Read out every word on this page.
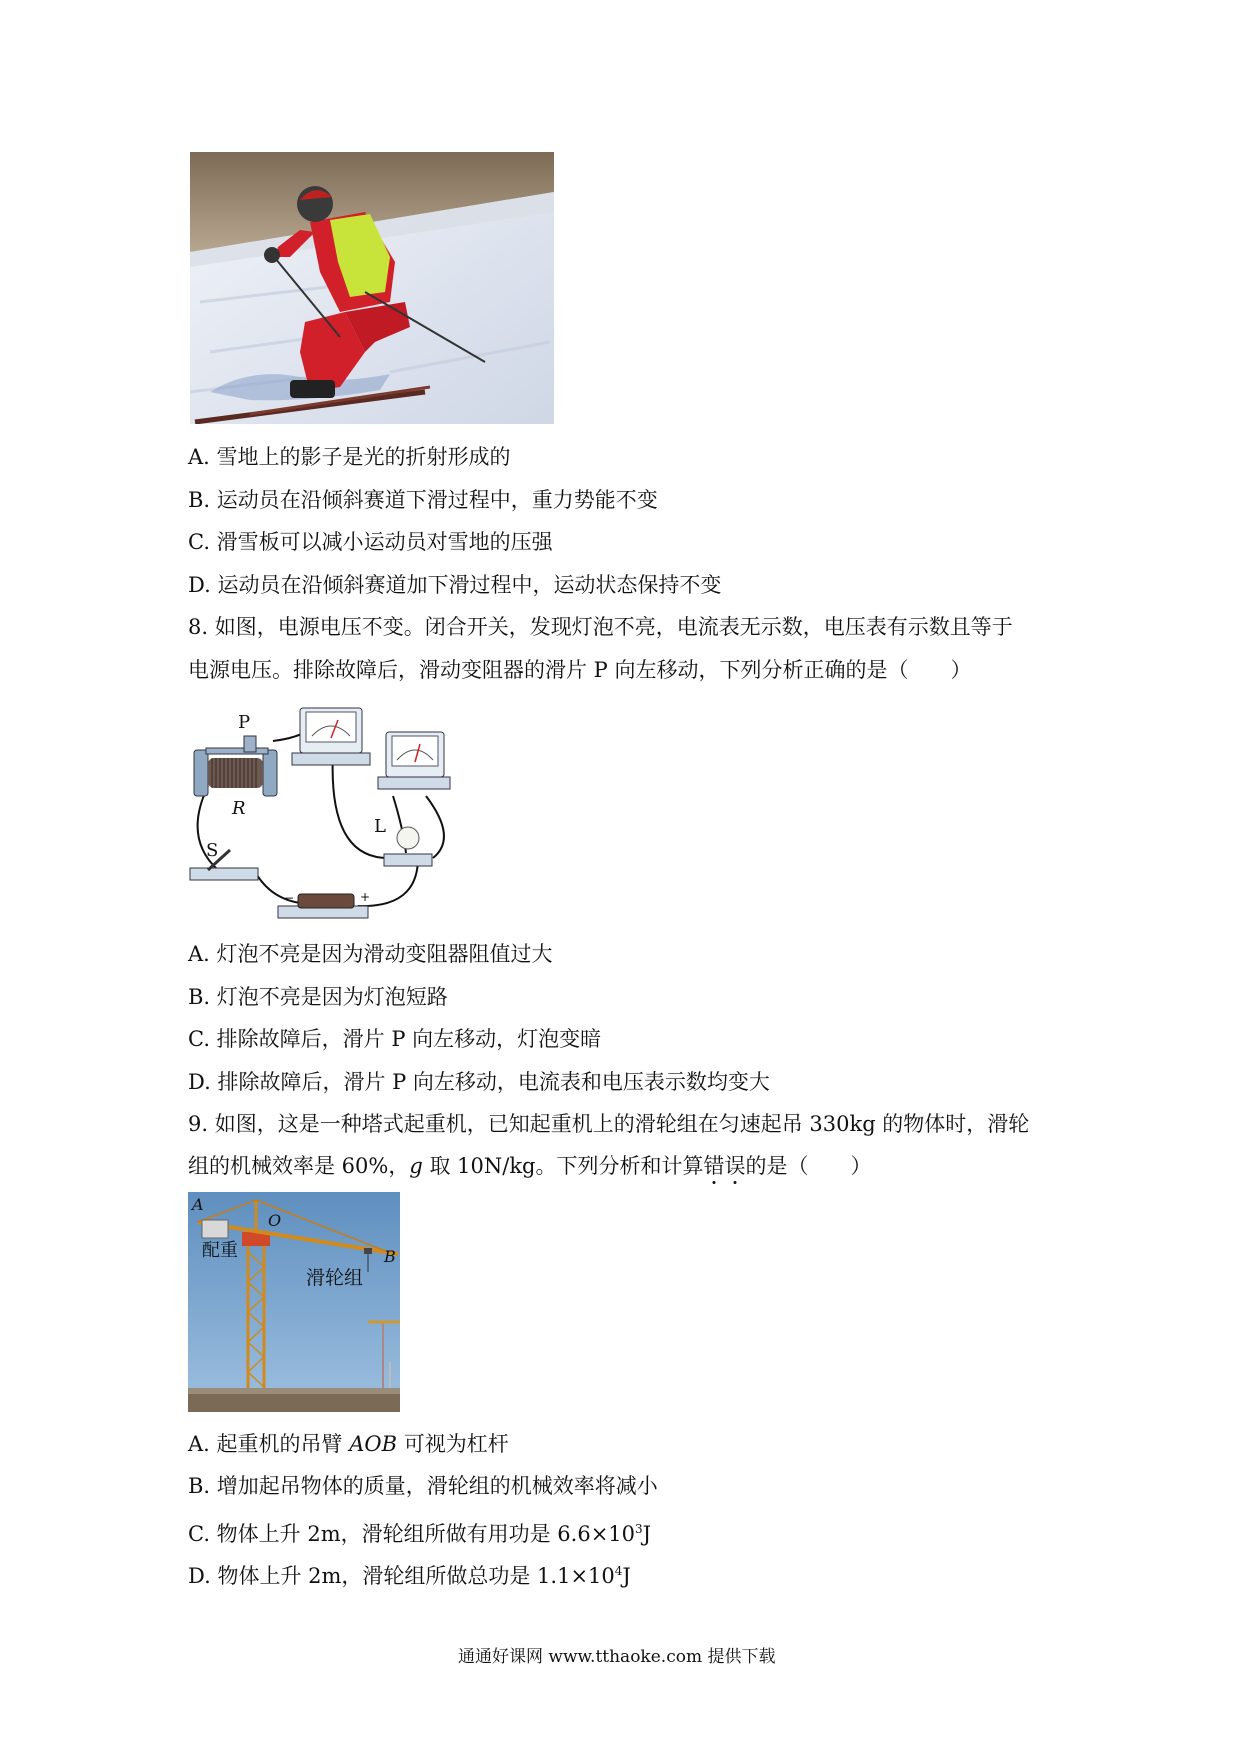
A. 雪地上的影子是光的折射形成的
B. 运动员在沿倾斜赛道下滑过程中，重力势能不变
C. 滑雪板可以减小运动员对雪地的压强
D. 运动员在沿倾斜赛道加下滑过程中，运动状态保持不变
8. 如图，电源电压不变。闭合开关，发现灯泡不亮，电流表无示数，电压表有示数且等于
电源电压。排除故障后，滑动变阻器的滑片 P 向左移动，下列分析正确的是（　　）
P
R
L
S
−	+
A. 灯泡不亮是因为滑动变阻器阻值过大
B. 灯泡不亮是因为灯泡短路
C. 排除故障后，滑片 P 向左移动，灯泡变暗
D. 排除故障后，滑片 P 向左移动，电流表和电压表示数均变大
9. 如图，这是一种塔式起重机，已知起重机上的滑轮组在匀速起吊 330kg 的物体时，滑轮
组的机械效率是 60%，g 取 10N/kg。下列分析和计算错误的是（　　）
A
O
B
配重
滑轮组
A. 起重机的吊臂 AOB 可视为杠杆
B. 增加起吊物体的质量，滑轮组的机械效率将减小
C. 物体上升 2m，滑轮组所做有用功是 $6.6\times 10^3J$
D. 物体上升 2m，滑轮组所做总功是 $1.1\times 10^4J$
通通好课网 www.tthaoke.com 提供下载
